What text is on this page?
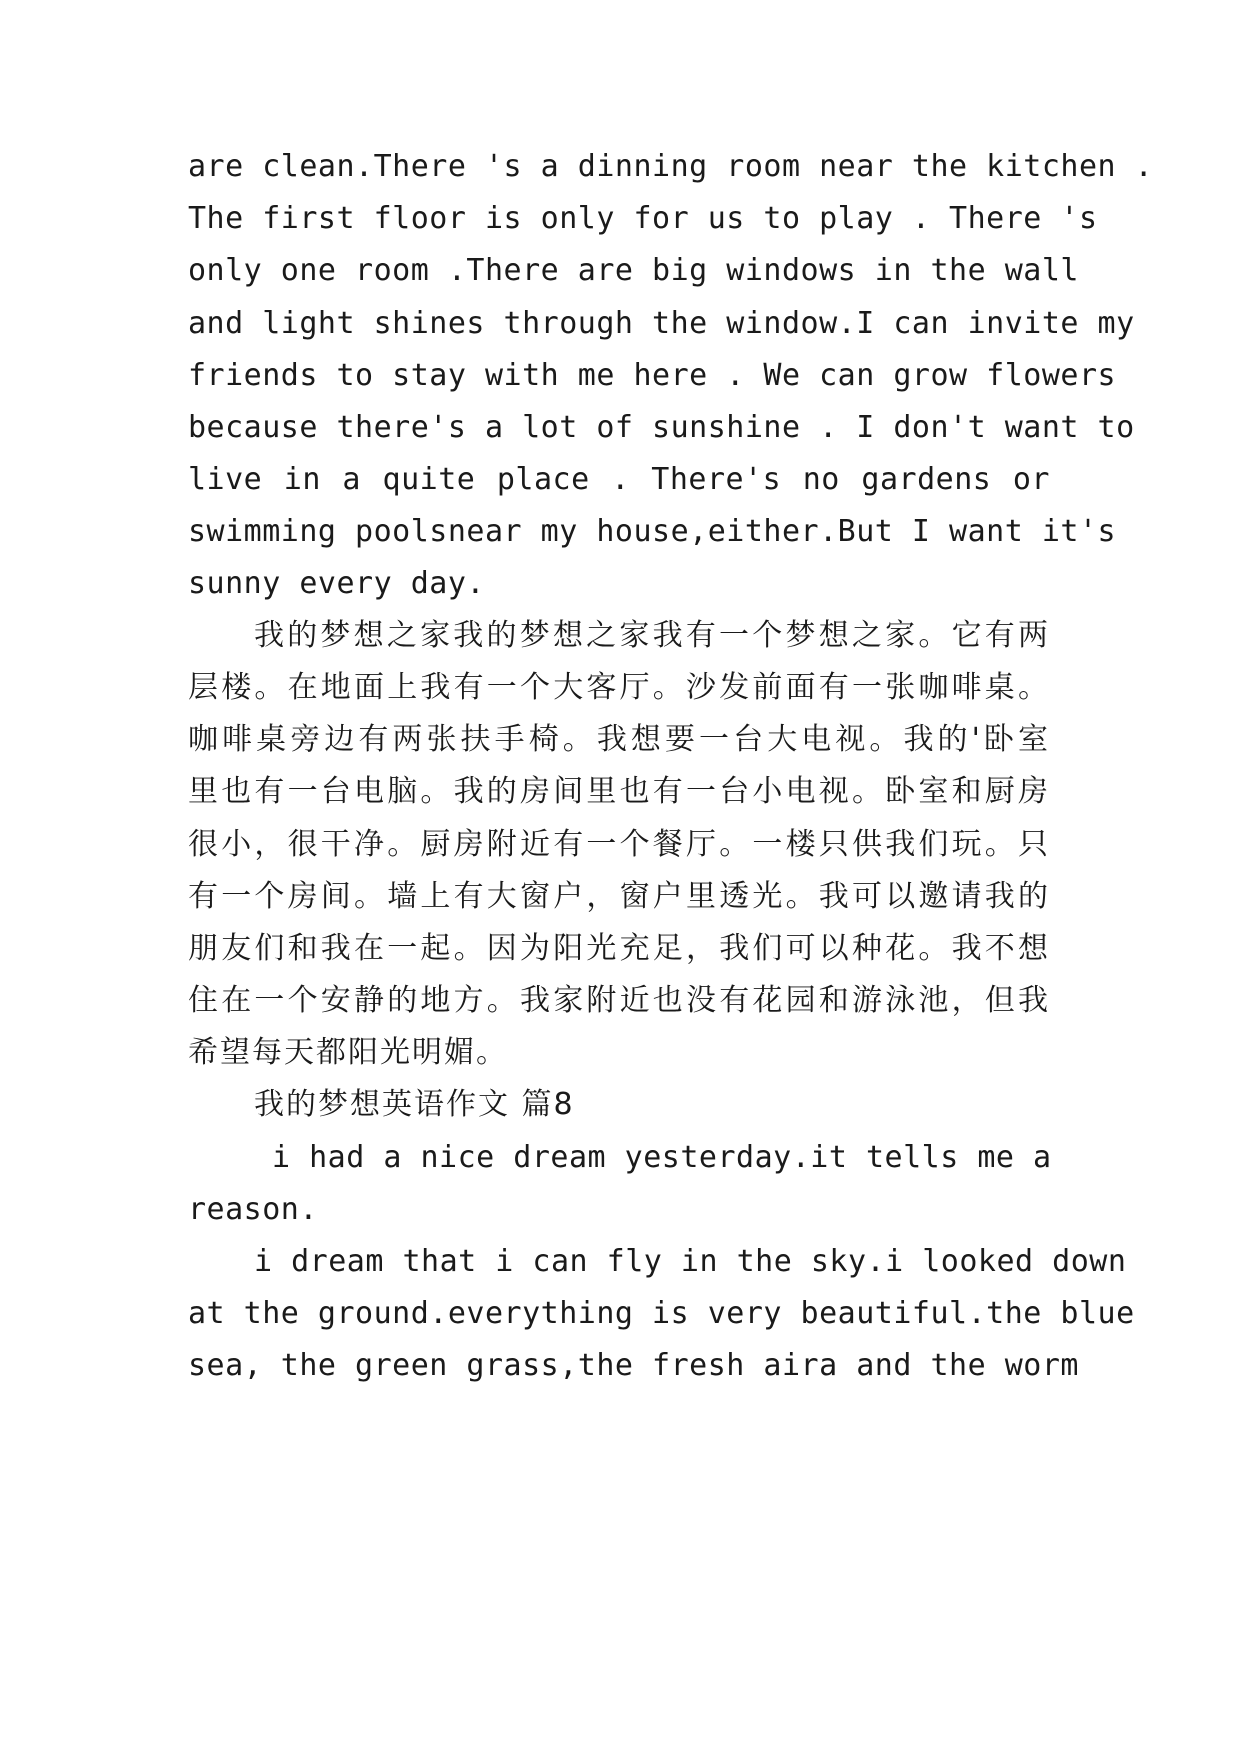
are clean.There 's a dinning room near the kitchen .
The first floor is only for us to play . There 's
only one room .There are big windows in the wall
and light shines through the window.I can invite my
friends to stay with me here . We can grow flowers
because there's a lot of sunshine . I don't want to
live in a quite place . There's no gardens or
swimming poolsnear my house,either.But I want it's
sunny every day.
我的梦想之家我的梦想之家我有一个梦想之家。它有两
层楼。在地面上我有一个大客厅。沙发前面有一张咖啡桌。
咖啡桌旁边有两张扶手椅。我想要一台大电视。我的'卧室
里也有一台电脑。我的房间里也有一台小电视。卧室和厨房
很小，很干净。厨房附近有一个餐厅。一楼只供我们玩。只
有一个房间。墙上有大窗户，窗户里透光。我可以邀请我的
朋友们和我在一起。因为阳光充足，我们可以种花。我不想
住在一个安静的地方。我家附近也没有花园和游泳池，但我
希望每天都阳光明媚。
我的梦想英语作文 篇8
i had a nice dream yesterday.it tells me a
reason.
i dream that i can fly in the sky.i looked down
at the ground.everything is very beautiful.the blue
sea, the green grass,the fresh aira and the worm
